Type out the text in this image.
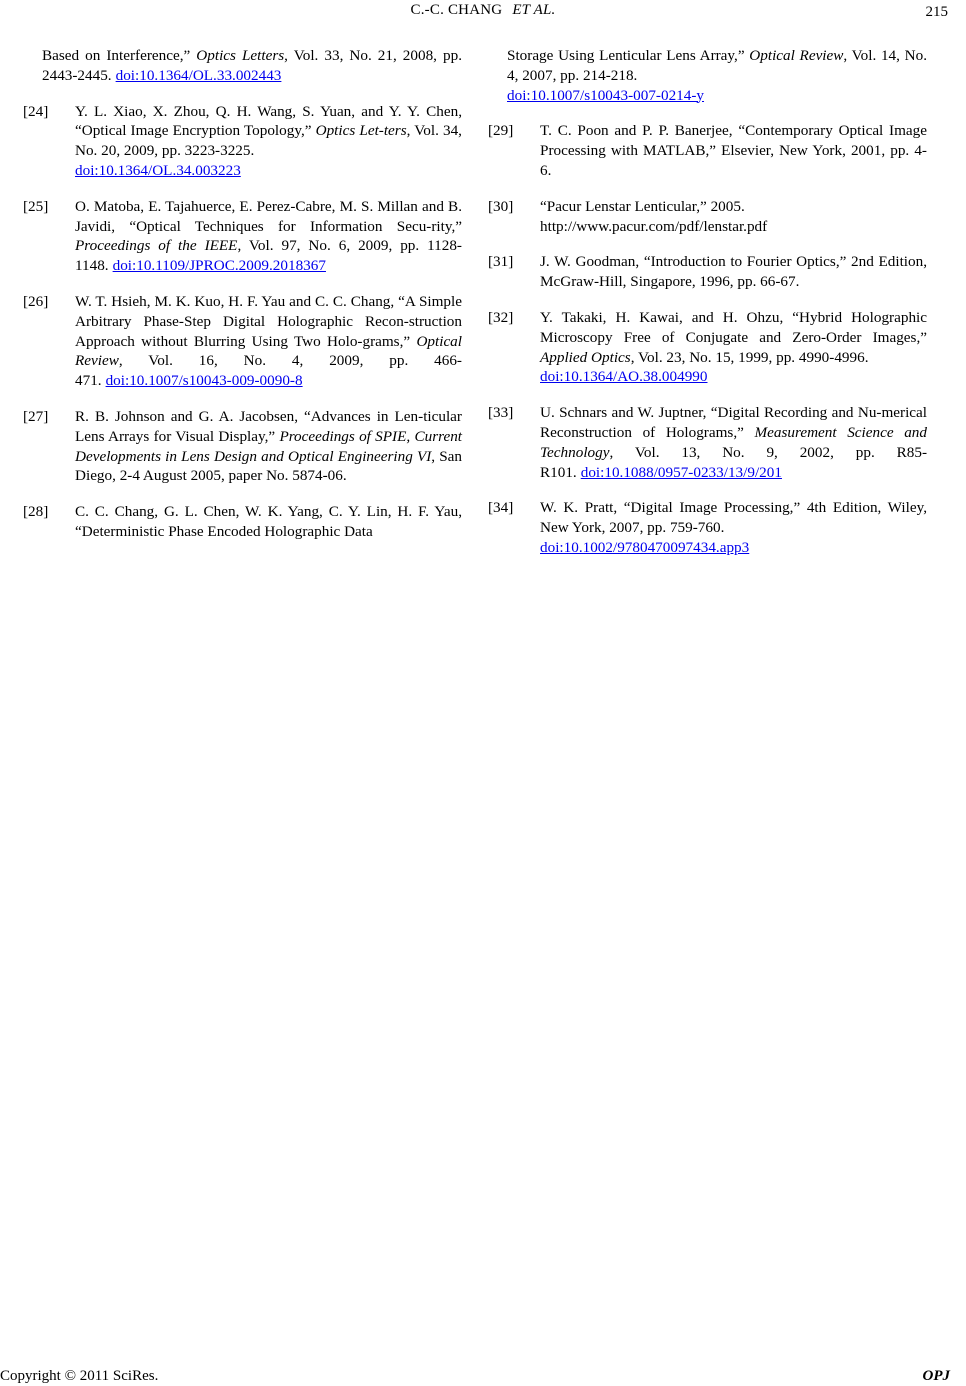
C.-C. CHANG ET AL.	215

Based on Interference,” Optics Letters, Vol. 33, No. 21, 2008, pp. 2443-2445. doi:10.1364/OL.33.002443

[24] Y. L. Xiao, X. Zhou, Q. H. Wang, S. Yuan, and Y. Y. Chen, “Optical Image Encryption Topology,” Optics Let-ters, Vol. 34, No. 20, 2009, pp. 3223-3225.
doi:10.1364/OL.34.003223

[25] O. Matoba, E. Tajahuerce, E. Perez-Cabre, M. S. Millan and B. Javidi, “Optical Techniques for Information Secu-rity,” Proceedings of the IEEE, Vol. 97, No. 6, 2009, pp. 1128-1148. doi:10.1109/JPROC.2009.2018367

[26] W. T. Hsieh, M. K. Kuo, H. F. Yau and C. C. Chang, “A Simple Arbitrary Phase-Step Digital Holographic Recon-struction Approach without Blurring Using Two Holo-grams,” Optical Review, Vol. 16, No. 4, 2009, pp. 466-471. doi:10.1007/s10043-009-0090-8

[27] R. B. Johnson and G. A. Jacobsen, “Advances in Len-ticular Lens Arrays for Visual Display,” Proceedings of SPIE, Current Developments in Lens Design and Optical Engineering VI, San Diego, 2-4 August 2005, paper No. 5874-06.

[28] C. C. Chang, G. L. Chen, W. K. Yang, C. Y. Lin, H. F. Yau, “Deterministic Phase Encoded Holographic Data

Storage Using Lenticular Lens Array,” Optical Review, Vol. 14, No. 4, 2007, pp. 214-218.
doi:10.1007/s10043-007-0214-y

[29] T. C. Poon and P. P. Banerjee, “Contemporary Optical Image Processing with MATLAB,” Elsevier, New York, 2001, pp. 4-6.

[30] “Pacur Lenstar Lenticular,” 2005.
http://www.pacur.com/pdf/lenstar.pdf

[31] J. W. Goodman, “Introduction to Fourier Optics,” 2nd Edition, McGraw-Hill, Singapore, 1996, pp. 66-67.

[32] Y. Takaki, H. Kawai, and H. Ohzu, “Hybrid Holographic Microscopy Free of Conjugate and Zero-Order Images,” Applied Optics, Vol. 23, No. 15, 1999, pp. 4990-4996.
doi:10.1364/AO.38.004990

[33] U. Schnars and W. Juptner, “Digital Recording and Nu-merical Reconstruction of Holograms,” Measurement Science and Technology, Vol. 13, No. 9, 2002, pp. R85-R101. doi:10.1088/0957-0233/13/9/201

[34] W. K. Pratt, “Digital Image Processing,” 4th Edition, Wiley, New York, 2007, pp. 759-760.
doi:10.1002/9780470097434.app3

Copyright © 2011 SciRes.	OPJ
